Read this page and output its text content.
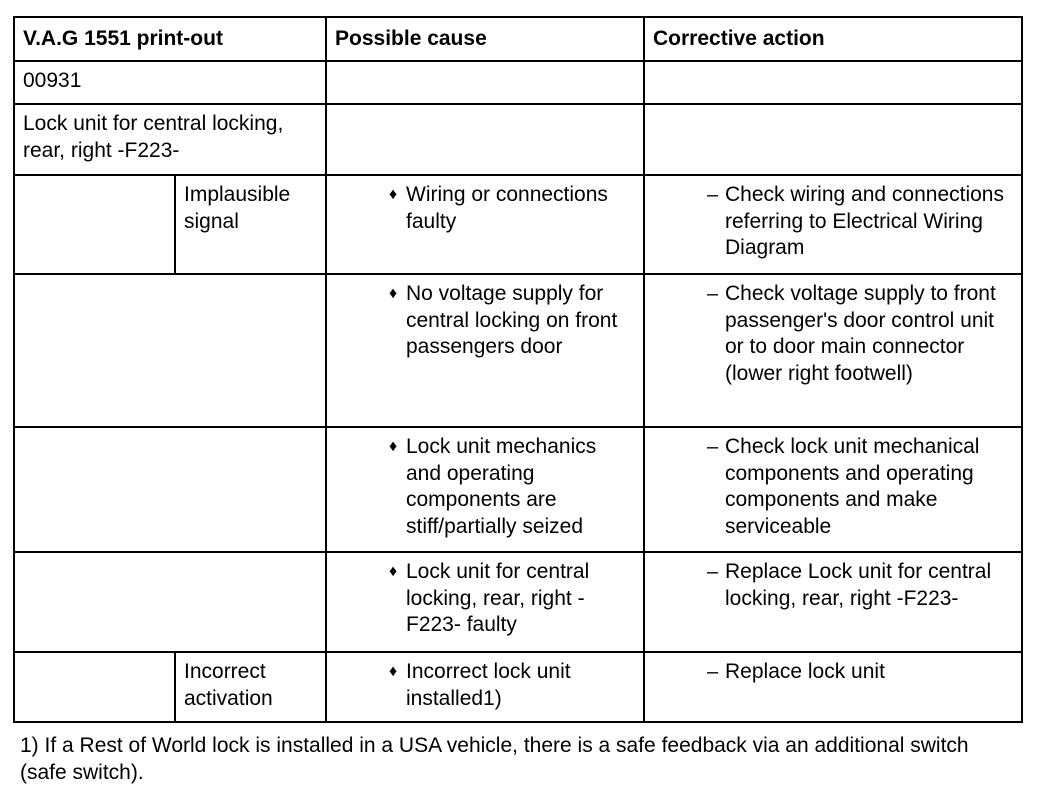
V.A.G 1551 print-out		Possible cause	Corrective action
00931			
Lock unit for central locking, rear, right -F223-			
	Implausible signal	♦ Wiring or connections faulty	– Check wiring and connections referring to Electrical Wiring Diagram

		♦ No voltage supply for central locking on front passengers door	– Check voltage supply to front passenger's door control unit or to door main connector (lower right footwell)

		♦ Lock unit mechanics and operating components are stiff/partially seized	– Check lock unit mechanical components and operating components and make serviceable

		♦ Lock unit for central locking, rear, right -F223- faulty	– Replace Lock unit for central locking, rear, right -F223-
	Incorrect activation	♦ Incorrect lock unit installed1)	– Replace lock unit
1) If a Rest of World lock is installed in a USA vehicle, there is a safe feedback via an additional switch (safe switch).
